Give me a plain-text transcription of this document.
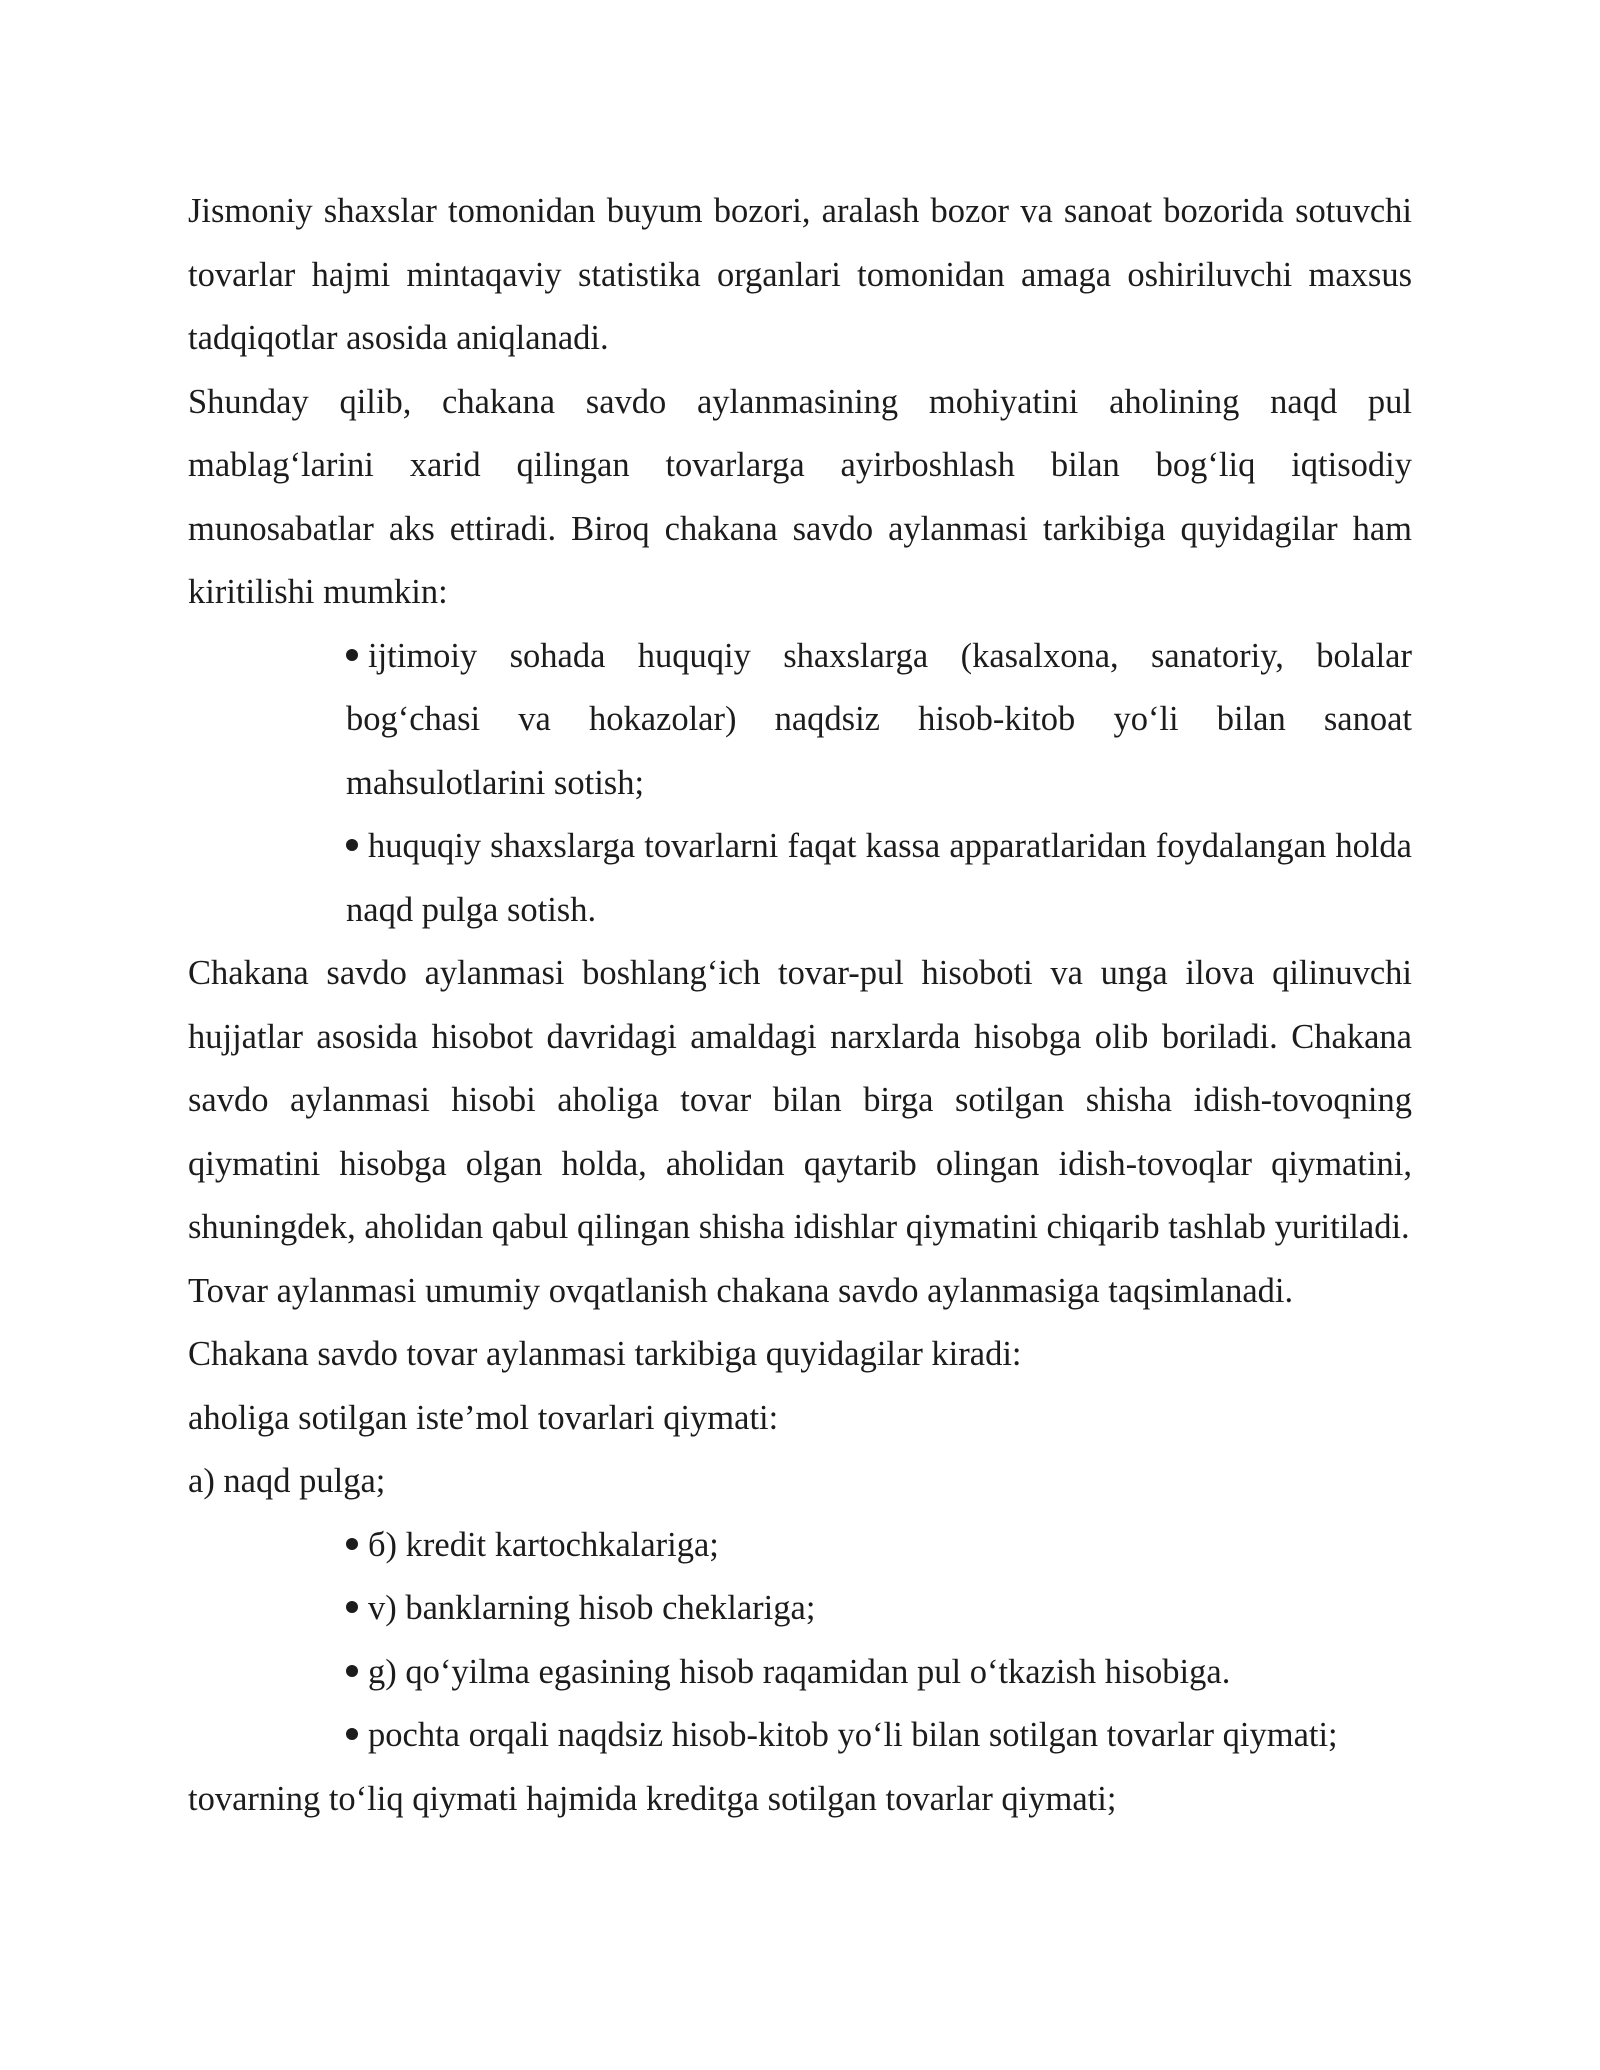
Jismoniy shaxslar tomonidan buyum bozori, aralash bozor va sanoat bozorida sotuvchi tovarlar hajmi mintaqaviy statistika organlari tomonidan amaga oshiriluvchi maxsus tadqiqotlar asosida aniqlanadi.

Shunday qilib, chakana savdo aylanmasining mohiyatini aholining naqd pul mablag‘larini xarid qilingan tovarlarga ayirboshlash bilan bog‘liq iqtisodiy munosabatlar aks ettiradi. Biroq chakana savdo aylanmasi tarkibiga quyidagilar ham kiritilishi mumkin:

ijtimoiy sohada huquqiy shaxslarga (kasalxona, sanatoriy, bolalar bog‘chasi va hokazolar) naqdsiz hisob-kitob yo‘li bilan sanoat mahsulotlarini sotish;
huquqiy shaxslarga tovarlarni faqat kassa apparatlaridan foydalangan holda naqd pulga sotish.

Chakana savdo aylanmasi boshlang‘ich tovar-pul hisoboti va unga ilova qilinuvchi hujjatlar asosida hisobot davridagi amaldagi narxlarda hisobga olib boriladi. Chakana savdo aylanmasi hisobi aholiga tovar bilan birga sotilgan shisha idish-tovoqning qiymatini hisobga olgan holda, aholidan qaytarib olingan idish-tovoqlar qiymatini, shuningdek, aholidan qabul qilingan shisha idishlar qiymatini chiqarib tashlab yuritiladi.

Tovar aylanmasi umumiy ovqatlanish chakana savdo aylanmasiga taqsimlanadi.

Chakana savdo tovar aylanmasi tarkibiga quyidagilar kiradi:

aholiga sotilgan iste’mol tovarlari qiymati:

a) naqd pulga;

б) kredit kartochkalariga;
v) banklarning hisob cheklariga;
g) qo‘yilma egasining hisob raqamidan pul o‘tkazish hisobiga.
pochta orqali naqdsiz hisob-kitob yo‘li bilan sotilgan tovarlar qiymati;

tovarning to‘liq qiymati hajmida kreditga sotilgan tovarlar qiymati;
